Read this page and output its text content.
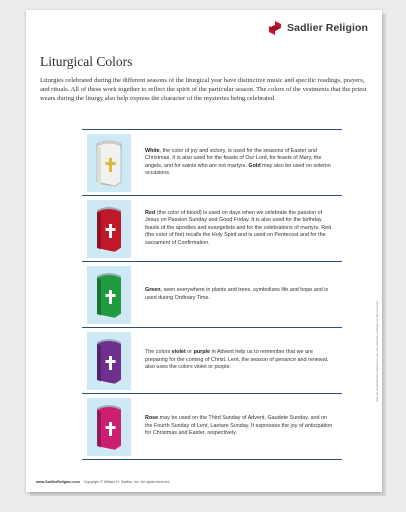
Sadlier Religion
Liturgical Colors
Liturgies celebrated during the different seasons of the liturgical year have distinctive music and specific readings, prayers, and rituals. All of these work together to reflect the spirit of the particular season. The colors of the vestments that the priest wears during the liturgy also help express the character of the mysteries being celebrated.
White, the color of joy and victory, is used for the seasons of Easter and Christmas. It is also used for the feasts of Our Lord, for feasts of Mary, the angels, and for saints who are not martyrs. Gold may also be used on solemn occasions.
Red (the color of blood) is used on days when we celebrate the passion of Jesus on Passion Sunday and Good Friday. It is also used for the birthday feasts of the apostles and evangelists and for the celebrations of martyrs. Red (the color of fire) recalls the Holy Spirit and is used on Pentecost and for the sacrament of Confirmation.
Green, seen everywhere in plants and trees, symbolizes life and hope and is used during Ordinary Time.
The colors violet or purple in Advent help us to remember that we are preparing for the coming of Christ. Lent, the season of penance and renewal, also uses the colors violet or purple.
Rose may be used on the Third Sunday of Advent, Gaudete Sunday, and on the Fourth Sunday of Lent, Laetare Sunday. It expresses the joy of anticipation for Christmas and Easter, respectively.
www.SadlierReligion.com Copyright © William H. Sadlier, Inc. All rights reserved.
May be duplicated for classroom use only with the purchase of this resource.
